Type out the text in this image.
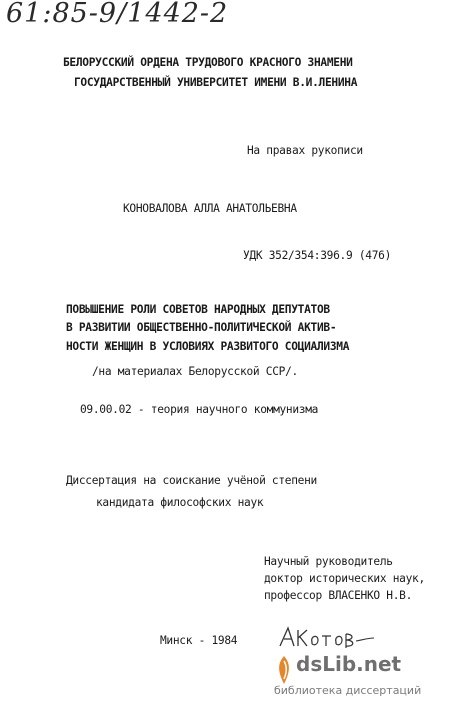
61:85-9/1442-2
БЕЛОРУССКИЙ ОРДЕНА ТРУДОВОГО КРАСНОГО ЗНАМЕНИ
ГОСУДАРСТВЕННЫЙ УНИВЕРСИТЕТ ИМЕНИ В.И.ЛЕНИНА
На правах рукописи
КОНОВАЛОВА АЛЛА АНАТОЛЬЕВНА
УДК 352/354:396.9 (476)
ПОВЫШЕНИЕ РОЛИ СОВЕТОВ НАРОДНЫХ ДЕПУТАТОВ
В РАЗВИТИИ ОБЩЕСТВЕННО-ПОЛИТИЧЕСКОЙ АКТИВ-
НОСТИ ЖЕНЩИН В УСЛОВИЯХ РАЗВИТОГО СОЦИАЛИЗМА
/на материалах Белорусской ССР/.
09.00.02 - теория научного коммунизма
Диссертация на соискание учёной степени
кандидата философских наук
Научный руководитель
доктор исторических наук,
профессор ВЛАСЕНКО Н.В.
Минск - 1984
dsLib.net
библиотека диссертаций
